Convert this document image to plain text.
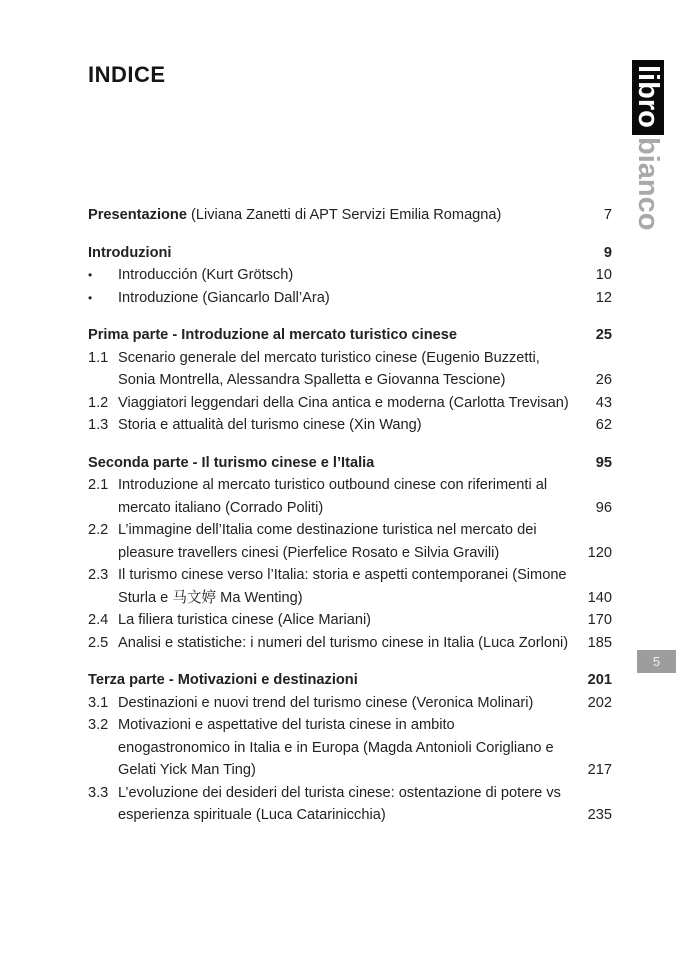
INDICE	librobianco
5
Presentazione (Liviana Zanetti di APT Servizi Emilia Romagna)	7
Introduzioni	9
•	Introducción (Kurt Grötsch)	10
•	Introduzione (Giancarlo Dall’Ara)	12
Prima parte - Introduzione al mercato turistico cinese	25
1.1 Scenario generale del mercato turistico cinese (Eugenio Buzzetti, Sonia Montrella, Alessandra Spalletta e Giovanna Tescione)	26
1.2 Viaggiatori leggendari della Cina antica e moderna (Carlotta Trevisan)	43
1.3 Storia e attualità del turismo cinese (Xin Wang)	62
Seconda parte - Il turismo cinese e l’Italia	95
2.1 Introduzione al mercato turistico outbound cinese con riferimenti al mercato italiano (Corrado Politi)	96
2.2 L’immagine dell’Italia come destinazione turistica nel mercato dei pleasure travellers cinesi (Pierfelice Rosato e Silvia Gravili)	120
2.3 Il turismo cinese verso l’Italia: storia e aspetti contemporanei (Simone Sturla e 马文婷 Ma Wenting)	140
2.4 La filiera turistica cinese (Alice Mariani)	170
2.5 Analisi e statistiche: i numeri del turismo cinese in Italia (Luca Zorloni)	185
Terza parte - Motivazioni e destinazioni	201
3.1 Destinazioni e nuovi trend del turismo cinese (Veronica Molinari)	202
3.2 Motivazioni e aspettative del turista cinese in ambito enogastronomico in Italia e in Europa (Magda Antonioli Corigliano e Gelati Yick Man Ting)	217
3.3 L’evoluzione dei desideri del turista cinese: ostentazione di potere vs esperienza spirituale (Luca Catarinicchia)	235
